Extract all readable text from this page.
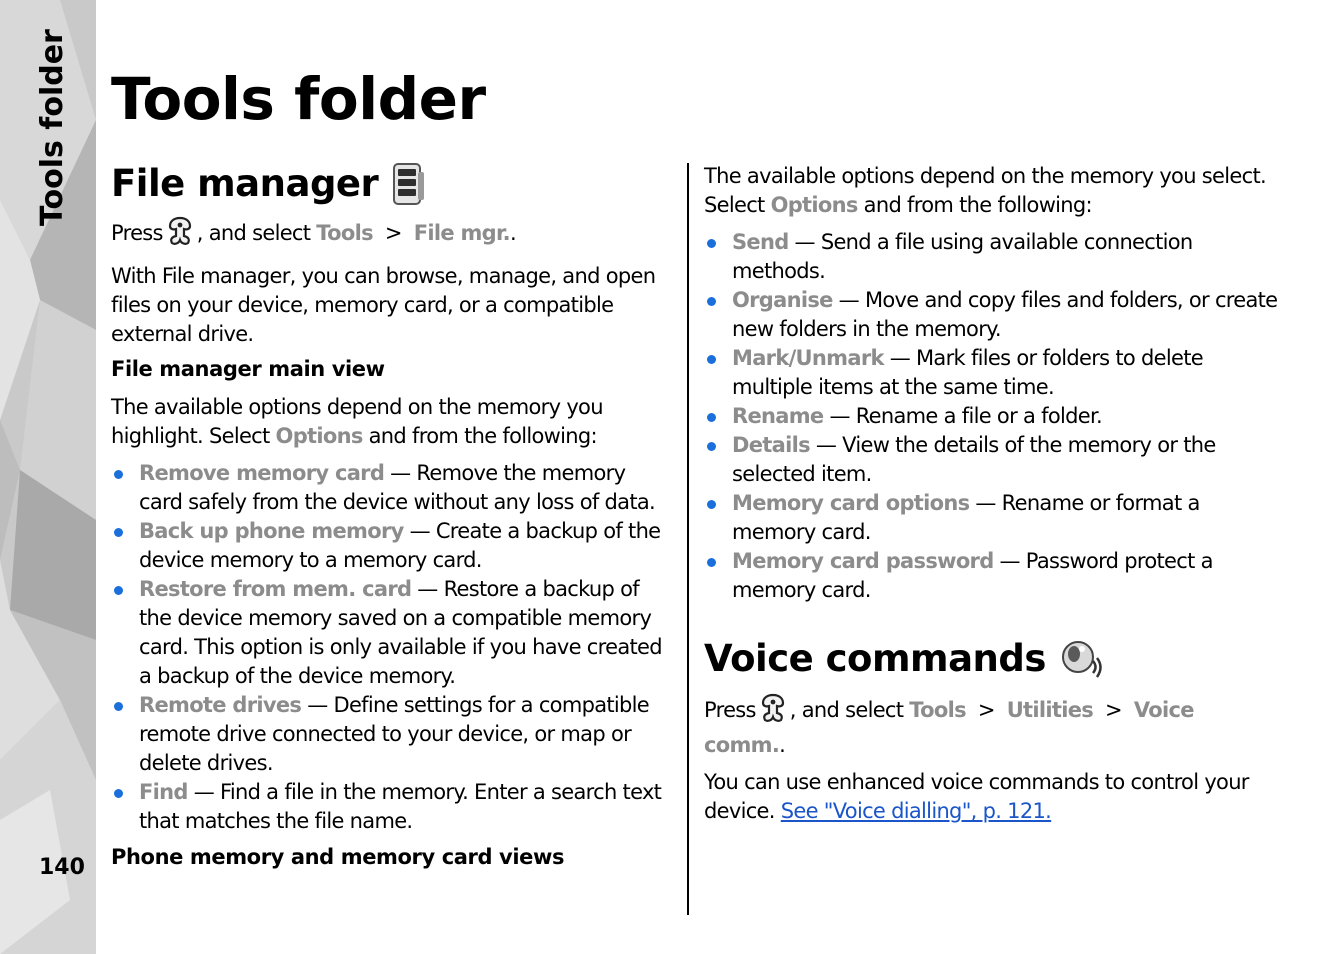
Tools folder
140
Tools folder
File manager

Press , and select Tools > File mgr..

With File manager, you can browse, manage, and open files on your device, memory card, or a compatible external drive.

File manager main view

The available options depend on the memory you highlight. Select Options and from the following:

Remove memory card — Remove the memory card safely from the device without any loss of data.
Back up phone memory — Create a backup of the device memory to a memory card.
Restore from mem. card — Restore a backup of the device memory saved on a compatible memory card. This option is only available if you have created a backup of the device memory.
Remote drives — Define settings for a compatible remote drive connected to your device, or map or delete drives.
Find — Find a file in the memory. Enter a search text that matches the file name.

Phone memory and memory card views

The available options depend on the memory you select. Select Options and from the following:

Send — Send a file using available connection methods.
Organise — Move and copy files and folders, or create new folders in the memory.
Mark/Unmark — Mark files or folders to delete multiple items at the same time.
Rename — Rename a file or a folder.
Details — View the details of the memory or the selected item.
Memory card options — Rename or format a memory card.
Memory card password — Password protect a memory card.
Voice commands

Press , and select Tools > Utilities > Voice comm..

You can use enhanced voice commands to control your device. See "Voice dialling", p. 121.
